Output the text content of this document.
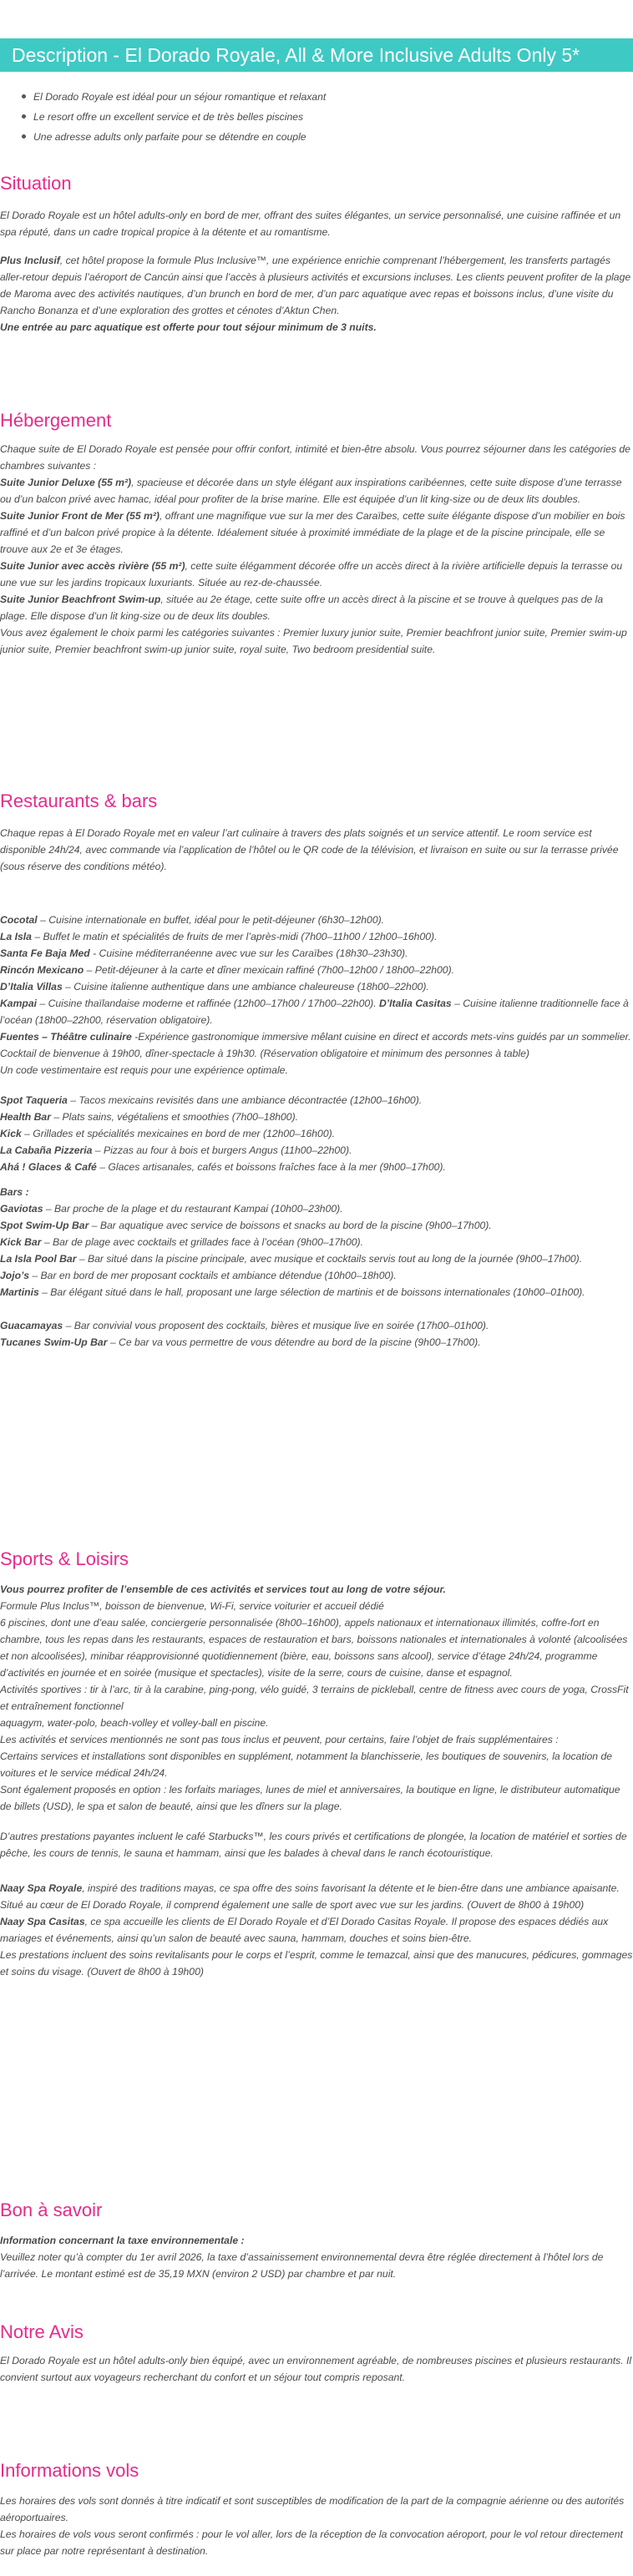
Description - El Dorado Royale, All & More Inclusive Adults Only 5*
El Dorado Royale est idéal pour un séjour romantique et relaxant
Le resort offre un excellent service et de très belles piscines
Une adresse adults only parfaite pour se détendre en couple
Situation

El Dorado Royale est un hôtel adults-only en bord de mer, offrant des suites élégantes, un service personnalisé, une cuisine raffinée et un spa réputé, dans un cadre tropical propice à la détente et au romantisme.

Plus Inclusif, cet hôtel propose la formule Plus Inclusive™, une expérience enrichie comprenant l’hébergement, les transferts partagés aller-retour depuis l’aéroport de Cancún ainsi que l’accès à plusieurs activités et excursions incluses. Les clients peuvent profiter de la plage de Maroma avec des activités nautiques, d’un brunch en bord de mer, d’un parc aquatique avec repas et boissons inclus, d’une visite du Rancho Bonanza et d’une exploration des grottes et cénotes d’Aktun Chen.

Une entrée au parc aquatique est offerte pour tout séjour minimum de 3 nuits.

Hébergement

Chaque suite de El Dorado Royale est pensée pour offrir confort, intimité et bien-être absolu. Vous pourrez séjourner dans les catégories de chambres suivantes :

Suite Junior Deluxe (55 m²), spacieuse et décorée dans un style élégant aux inspirations caribéennes, cette suite dispose d’une terrasse ou d’un balcon privé avec hamac, idéal pour profiter de la brise marine. Elle est équipée d’un lit king-size ou de deux lits doubles.

Suite Junior Front de Mer (55 m²), offrant une magnifique vue sur la mer des Caraïbes, cette suite élégante dispose d’un mobilier en bois raffiné et d’un balcon privé propice à la détente. Idéalement située à proximité immédiate de la plage et de la piscine principale, elle se trouve aux 2e et 3e étages.

Suite Junior avec accès rivière (55 m²), cette suite élégamment décorée offre un accès direct à la rivière artificielle depuis la terrasse ou une vue sur les jardins tropicaux luxuriants. Située au rez-de-chaussée.

Suite Junior Beachfront Swim-up, située au 2e étage, cette suite offre un accès direct à la piscine et se trouve à quelques pas de la plage. Elle dispose d’un lit king-size ou de deux lits doubles.

Vous avez également le choix parmi les catégories suivantes : Premier luxury junior suite, Premier beachfront junior suite, Premier swim-up junior suite, Premier beachfront swim-up junior suite, royal suite, Two bedroom presidential suite.

Restaurants & bars

Chaque repas à El Dorado Royale met en valeur l’art culinaire à travers des plats soignés et un service attentif. Le room service est disponible 24h/24, avec commande via l’application de l’hôtel ou le QR code de la télévision, et livraison en suite ou sur la terrasse privée (sous réserve des conditions météo).

Cocotal – Cuisine internationale en buffet, idéal pour le petit-déjeuner (6h30–12h00).

La Isla – Buffet le matin et spécialités de fruits de mer l’après-midi (7h00–11h00 / 12h00–16h00).

Santa Fe Baja Med - Cuisine méditerranéenne avec vue sur les Caraïbes (18h30–23h30).

Rincón Mexicano – Petit-déjeuner à la carte et dîner mexicain raffiné (7h00–12h00 / 18h00–22h00).

D’Italia Villas – Cuisine italienne authentique dans une ambiance chaleureuse (18h00–22h00).

Kampai – Cuisine thaïlandaise moderne et raffinée (12h00–17h00 / 17h00–22h00). D’Italia Casitas – Cuisine italienne traditionnelle face à l’océan (18h00–22h00, réservation obligatoire).

Fuentes – Théâtre culinaire -Expérience gastronomique immersive mêlant cuisine en direct et accords mets-vins guidés par un sommelier. Cocktail de bienvenue à 19h00, dîner-spectacle à 19h30. (Réservation obligatoire et minimum des personnes à table)

Un code vestimentaire est requis pour une expérience optimale.

Spot Taqueria – Tacos mexicains revisités dans une ambiance décontractée (12h00–16h00).

Health Bar – Plats sains, végétaliens et smoothies (7h00–18h00).

Kick – Grillades et spécialités mexicaines en bord de mer (12h00–16h00).

La Cabaña Pizzeria – Pizzas au four à bois et burgers Angus (11h00–22h00).

Ahá ! Glaces & Café – Glaces artisanales, cafés et boissons fraîches face à la mer (9h00–17h00).

Bars :

Gaviotas – Bar proche de la plage et du restaurant Kampai (10h00–23h00).

Spot Swim-Up Bar – Bar aquatique avec service de boissons et snacks au bord de la piscine (9h00–17h00).

Kick Bar – Bar de plage avec cocktails et grillades face à l’océan (9h00–17h00).

La Isla Pool Bar – Bar situé dans la piscine principale, avec musique et cocktails servis tout au long de la journée (9h00–17h00).

Jojo’s – Bar en bord de mer proposant cocktails et ambiance détendue (10h00–18h00).

Martinis – Bar élégant situé dans le hall, proposant une large sélection de martinis et de boissons internationales (10h00–01h00).

Guacamayas – Bar convivial vous proposent des cocktails, bières et musique live en soirée (17h00–01h00).

Tucanes Swim-Up Bar – Ce bar va vous permettre de vous détendre au bord de la piscine (9h00–17h00).

Sports & Loisirs

Vous pourrez profiter de l’ensemble de ces activités et services tout au long de votre séjour.

Formule Plus Inclus™, boisson de bienvenue, Wi-Fi, service voiturier et accueil dédié

6 piscines, dont une d’eau salée, conciergerie personnalisée (8h00–16h00), appels nationaux et internationaux illimités, coffre-fort en chambre, tous les repas dans les restaurants, espaces de restauration et bars, boissons nationales et internationales à volonté (alcoolisées et non alcoolisées), minibar réapprovisionné quotidiennement (bière, eau, boissons sans alcool), service d’étage 24h/24, programme d’activités en journée et en soirée (musique et spectacles), visite de la serre, cours de cuisine, danse et espagnol.

Activités sportives : tir à l’arc, tir à la carabine, ping-pong, vélo guidé, 3 terrains de pickleball, centre de fitness avec cours de yoga, CrossFit et entraînement fonctionnel

aquagym, water-polo, beach-volley et volley-ball en piscine.

Les activités et services mentionnés ne sont pas tous inclus et peuvent, pour certains, faire l’objet de frais supplémentaires :

Certains services et installations sont disponibles en supplément, notamment la blanchisserie, les boutiques de souvenirs, la location de voitures et le service médical 24h/24.

Sont également proposés en option : les forfaits mariages, lunes de miel et anniversaires, la boutique en ligne, le distributeur automatique de billets (USD), le spa et salon de beauté, ainsi que les dîners sur la plage.

D’autres prestations payantes incluent le café Starbucks™, les cours privés et certifications de plongée, la location de matériel et sorties de pêche, les cours de tennis, le sauna et hammam, ainsi que les balades à cheval dans le ranch écotouristique.

Naay Spa Royale, inspiré des traditions mayas, ce spa offre des soins favorisant la détente et le bien-être dans une ambiance apaisante. Situé au cœur de El Dorado Royale, il comprend également une salle de sport avec vue sur les jardins. (Ouvert de 8h00 à 19h00)

Naay Spa Casitas, ce spa accueille les clients de El Dorado Royale et d’El Dorado Casitas Royale. Il propose des espaces dédiés aux mariages et événements, ainsi qu’un salon de beauté avec sauna, hammam, douches et soins bien-être.

Les prestations incluent des soins revitalisants pour le corps et l’esprit, comme le temazcal, ainsi que des manucures, pédicures, gommages et soins du visage. (Ouvert de 8h00 à 19h00)

Bon à savoir

Information concernant la taxe environnementale :

Veuillez noter qu’à compter du 1er avril 2026, la taxe d’assainissement environnemental devra être réglée directement à l’hôtel lors de l’arrivée. Le montant estimé est de 35,19 MXN (environ 2 USD) par chambre et par nuit.

Notre Avis

El Dorado Royale est un hôtel adults-only bien équipé, avec un environnement agréable, de nombreuses piscines et plusieurs restaurants. Il convient surtout aux voyageurs recherchant du confort et un séjour tout compris reposant.

Informations vols

Les horaires des vols sont donnés à titre indicatif et sont susceptibles de modification de la part de la compagnie aérienne ou des autorités aéroportuaires.

Les horaires de vols vous seront confirmés : pour le vol aller, lors de la réception de la convocation aéroport, pour le vol retour directement sur place par notre représentant à destination.
